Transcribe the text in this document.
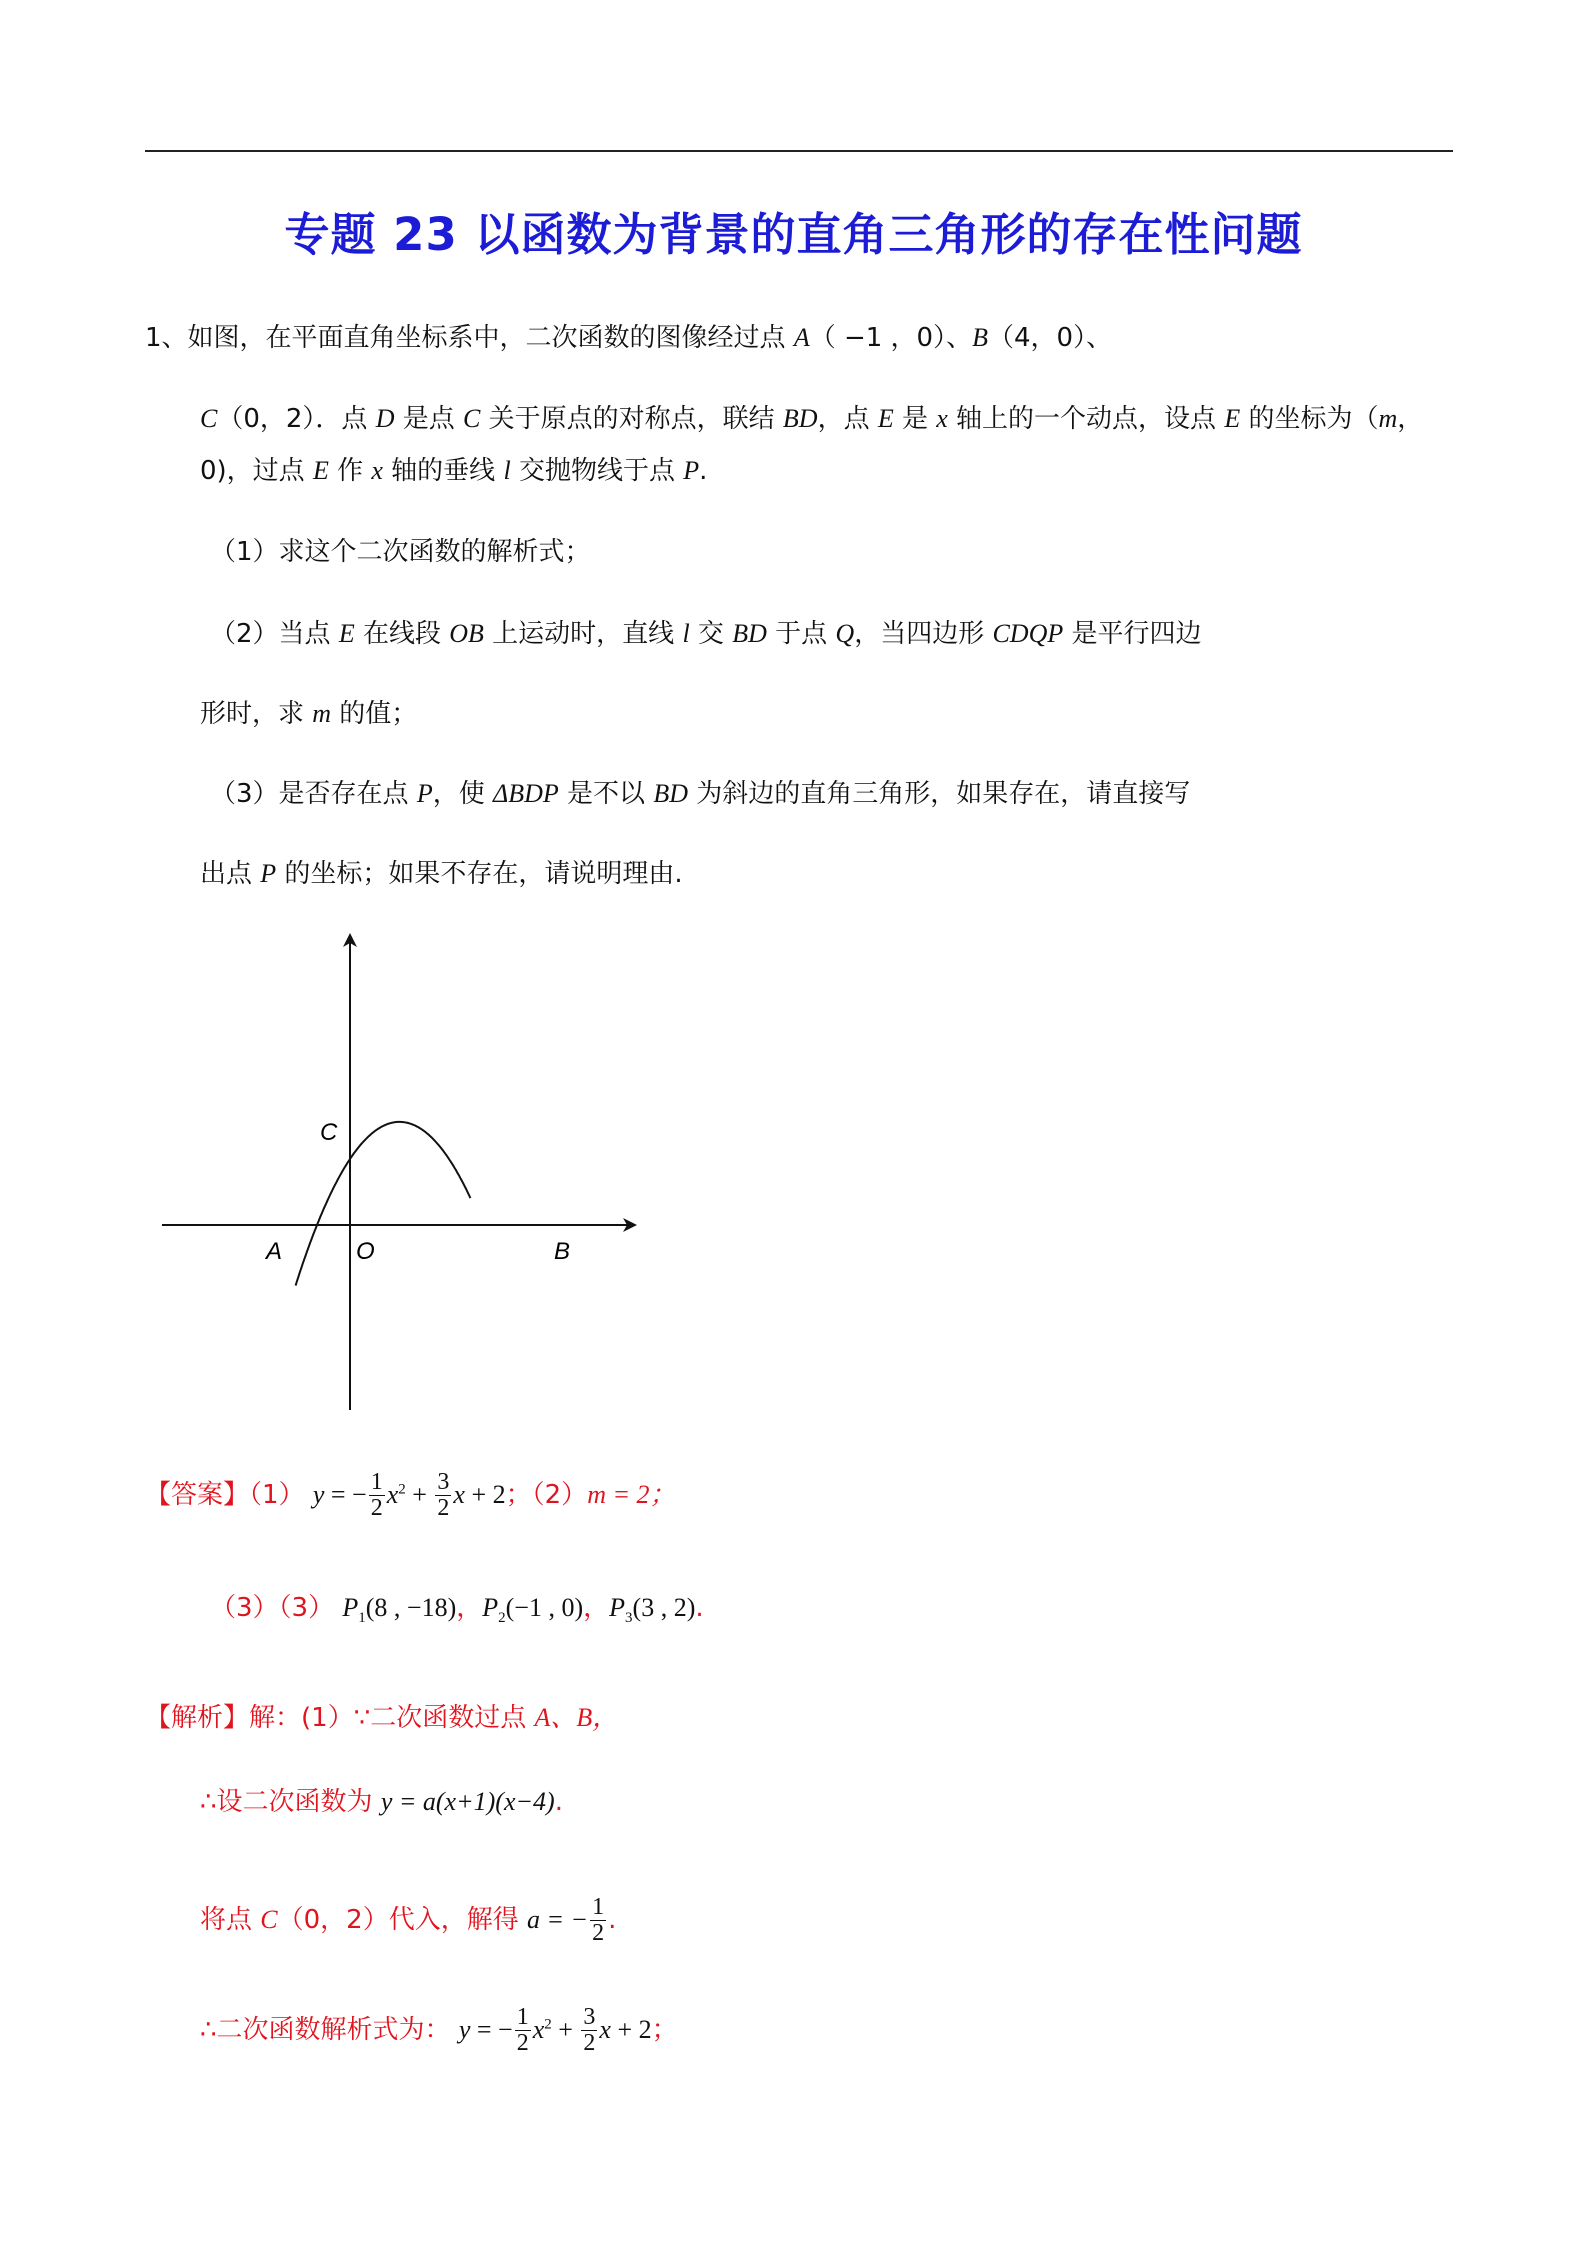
专题 23 以函数为背景的直角三角形的存在性问题
1、如图，在平面直角坐标系中，二次函数的图像经过点 A（ −1 ，0）、B（4，0）、
C（0，2）．点 D 是点 C 关于原点的对称点，联结 BD，点 E 是 x 轴上的一个动点，设点 E 的坐标为（m，
0)，过点 E 作 x 轴的垂线 l 交抛物线于点 P.
（1）求这个二次函数的解析式；
（2）当点 E 在线段 OB 上运动时，直线 l 交 BD 于点 Q，当四边形 CDQP 是平行四边
形时，求 m 的值；
（3）是否存在点 P，使 ΔBDP 是不以 BD 为斜边的直角三角形，如果存在，请直接写
出点 P 的坐标；如果不存在，请说明理由.
A	O	B
C
【答案】（1） y = − $\frac{1}{2} x^2 + \frac{3}{2}$ x + 2；（2）m = 2；
（3）（3） $P_1(8$ , −18)，$P_2(-1$ , 0)，$P_3(3$ , 2).
【解析】解：(1）∵二次函数过点 A、B，
∴设二次函数为 y = a(x+1)(x−4).
将点 C（0，2）代入，解得 a = − $\frac{1}{2}$ .
∴二次函数解析式为： y = − $\frac{1}{2} x^2 + \frac{3}{2}$ x + 2；
